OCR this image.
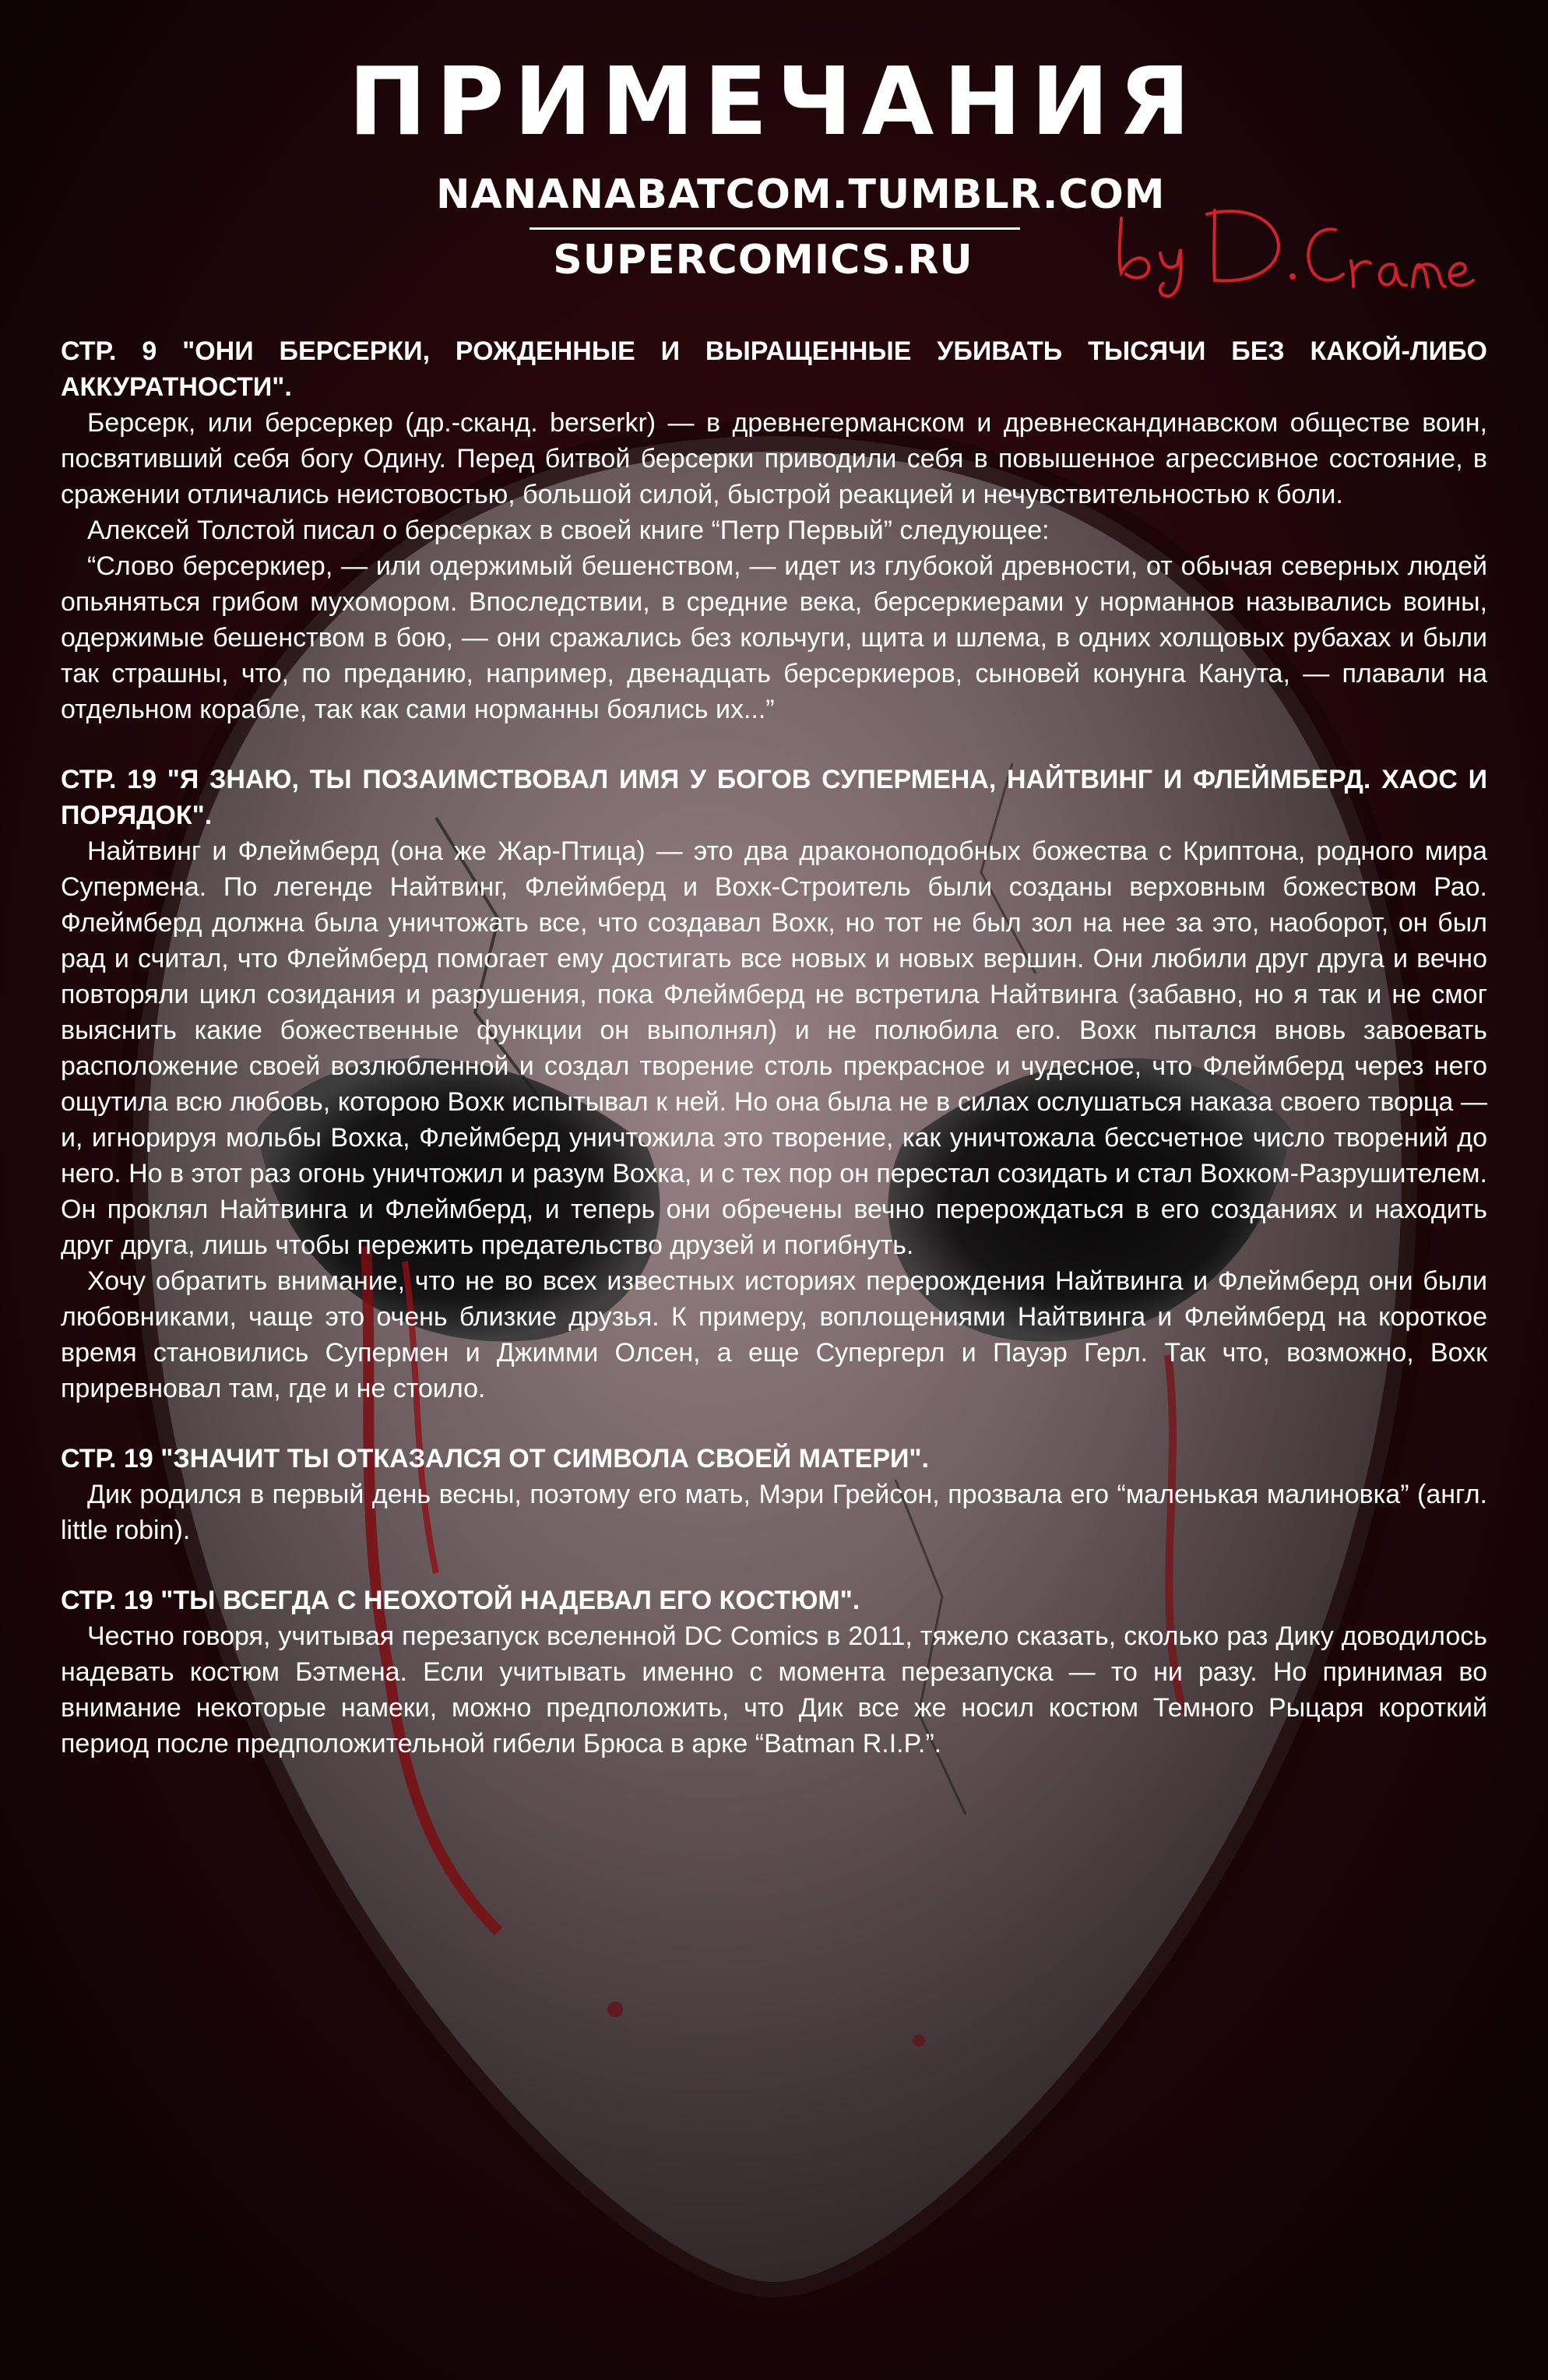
ПРИМЕЧАНИЯ
NANANABATCOM.TUMBLR.COM
SUPERCOMICS.RU

СТР. 9 "ОНИ БЕРСЕРКИ, РОЖДЕННЫЕ И ВЫРАЩЕННЫЕ УБИВАТЬ ТЫСЯЧИ БЕЗ КАКОЙ-ЛИБО АККУРАТНОСТИ".

Берсерк, или берсеркер (др.-сканд. berserkr) — в древнегерманском и древнескандинавском обществе воин, посвятивший себя богу Одину. Перед битвой берсерки приводили себя в повышенное агрессивное состояние, в сражении отличались неистовостью, большой силой, быстрой реакцией и нечувствительностью к боли.

Алексей Толстой писал о берсерках в своей книге “Петр Первый” следующее:

“Слово берсеркиер, — или одержимый бешенством, — идет из глубокой древности, от обычая северных людей опьяняться грибом мухомором. Впоследствии, в средние века, берсеркиерами у норманнов назывались воины, одержимые бешенством в бою, — они сражались без кольчуги, щита и шлема, в одних холщовых рубахах и были так страшны, что, по преданию, например, двенадцать берсеркиеров, сыновей конунга Канута, — плавали на отдельном корабле, так как сами норманны боялись их...”

СТР. 19 "Я ЗНАЮ, ТЫ ПОЗАИМСТВОВАЛ ИМЯ У БОГОВ СУПЕРМЕНА, НАЙТВИНГ И ФЛЕЙМБЕРД. ХАОС И ПОРЯДОК".

Найтвинг и Флеймберд (она же Жар-Птица) — это два драконоподобных божества с Криптона, родного мира Супермена. По легенде Найтвинг, Флеймберд и Вохк-Строитель были созданы верховным божеством Рао. Флеймберд должна была уничтожать все, что создавал Вохк, но тот не был зол на нее за это, наоборот, он был рад и считал, что Флеймберд помогает ему достигать все новых и новых вершин. Они любили друг друга и вечно повторяли цикл созидания и разрушения, пока Флеймберд не встретила Найтвинга (забавно, но я так и не смог выяснить какие божественные функции он выполнял) и не полюбила его. Вохк пытался вновь завоевать расположение своей возлюбленной и создал творение столь прекрасное и чудесное, что Флеймберд через него ощутила всю любовь, которою Вохк испытывал к ней. Но она была не в силах ослушаться наказа своего творца — и, игнорируя мольбы Вохка, Флеймберд уничтожила это творение, как уничтожала бессчетное число творений до него. Но в этот раз огонь уничтожил и разум Вохка, и с тех пор он перестал созидать и стал Вохком-Разрушителем. Он проклял Найтвинга и Флеймберд, и теперь они обречены вечно перерождаться в его созданиях и находить друг друга, лишь чтобы пережить предательство друзей и погибнуть.

Хочу обратить внимание, что не во всех известных историях перерождения Найтвинга и Флеймберд они были любовниками, чаще это очень близкие друзья. К примеру, воплощениями Найтвинга и Флеймберд на короткое время становились Супермен и Джимми Олсен, а еще Супергерл и Пауэр Герл. Так что, возможно, Вохк приревновал там, где и не стоило.

СТР. 19 "ЗНАЧИТ ТЫ ОТКАЗАЛСЯ ОТ СИМВОЛА СВОЕЙ МАТЕРИ".

Дик родился в первый день весны, поэтому его мать, Мэри Грейсон, прозвала его “маленькая малиновка” (англ. little robin).

СТР. 19 "ТЫ ВСЕГДА С НЕОХОТОЙ НАДЕВАЛ ЕГО КОСТЮМ".

Честно говоря, учитывая перезапуск вселенной DC Comics в 2011, тяжело сказать, сколько раз Дику доводилось надевать костюм Бэтмена. Если учитывать именно с момента перезапуска — то ни разу. Но принимая во внимание некоторые намеки, можно предположить, что Дик все же носил костюм Темного Рыцаря короткий период после предположительной гибели Брюса в арке “Batman R.I.P.”.
